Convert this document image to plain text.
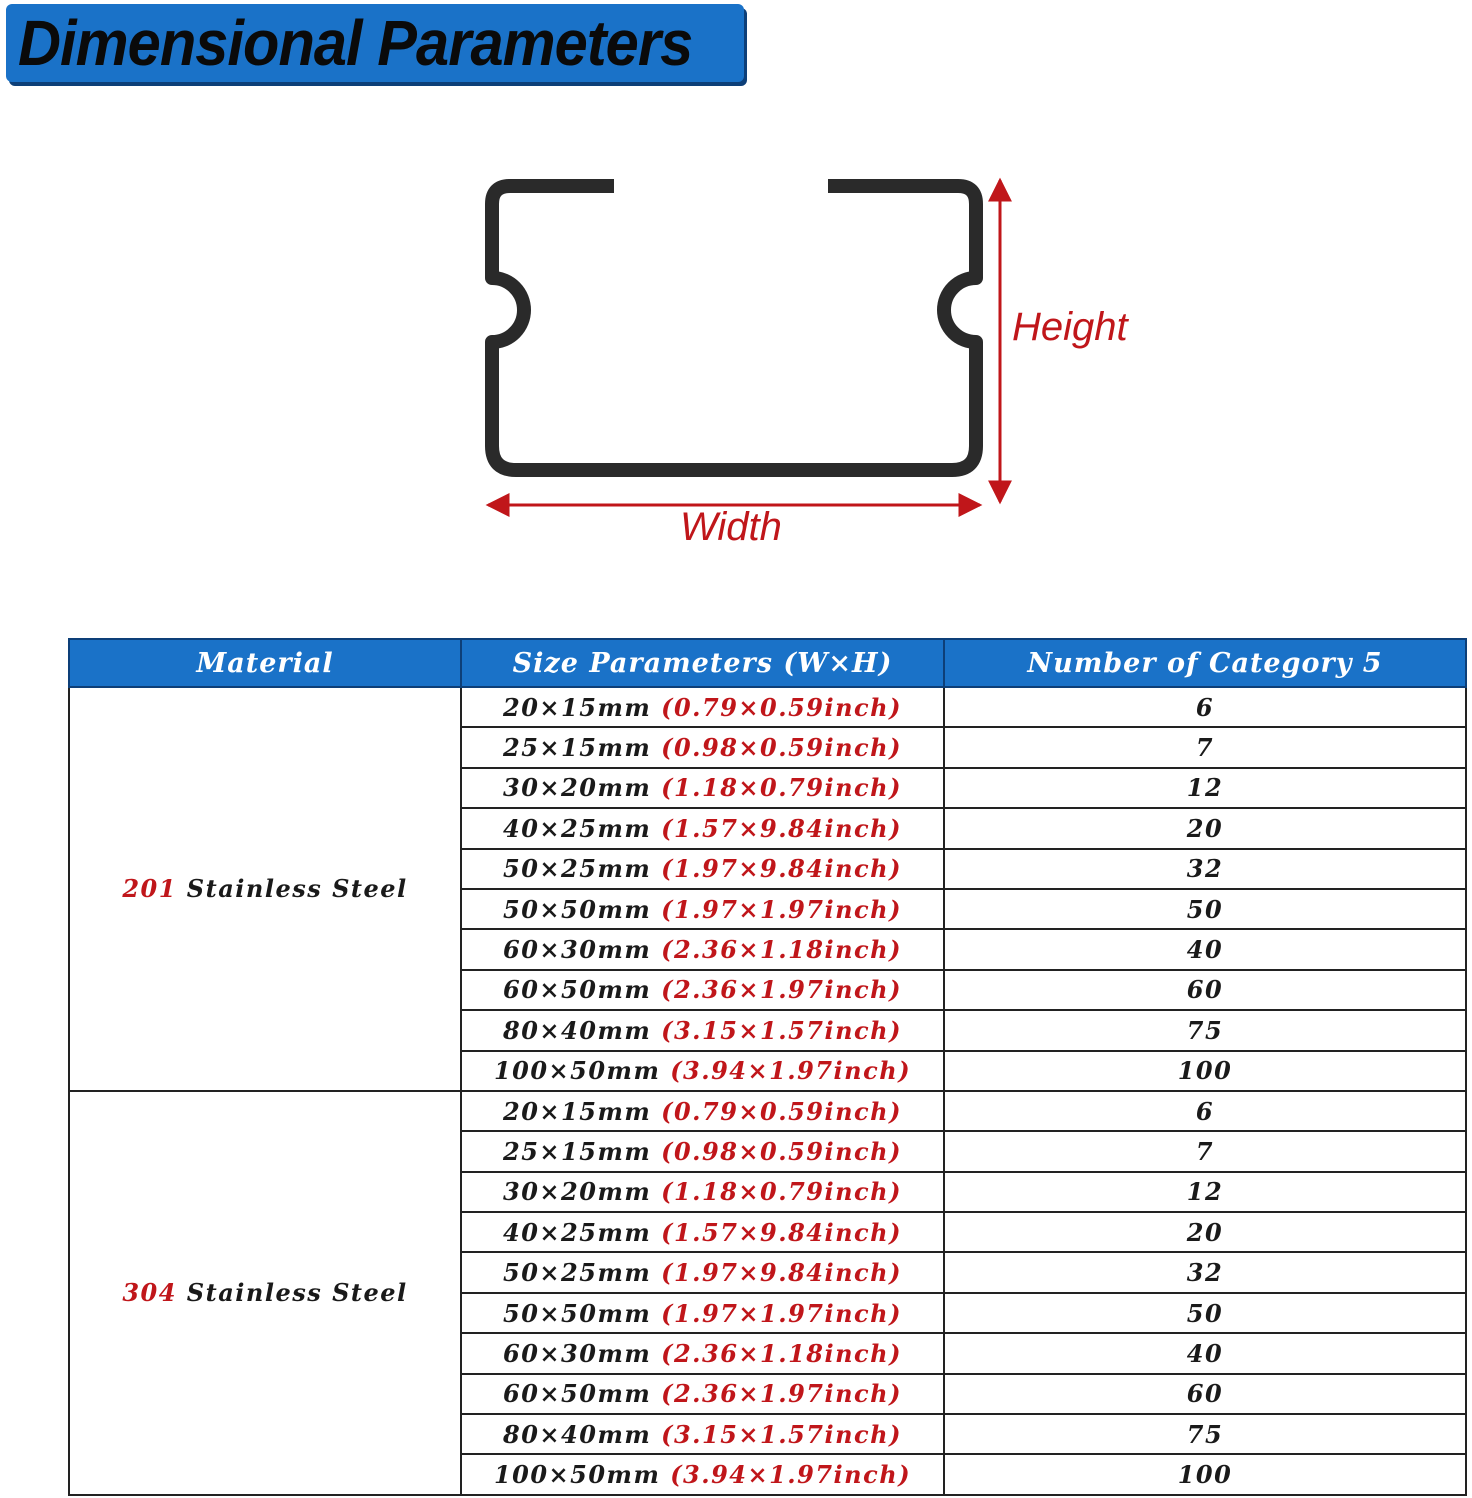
Dimensional Parameters
Height
Width
Material	Size Parameters (W×H)	Number of Category 5
201 Stainless Steel	20×15mm (0.79×0.59inch)	6
	25×15mm (0.98×0.59inch)	7
	30×20mm (1.18×0.79inch)	12
	40×25mm (1.57×9.84inch)	20
	50×25mm (1.97×9.84inch)	32
	50×50mm (1.97×1.97inch)	50
	60×30mm (2.36×1.18inch)	40
	60×50mm (2.36×1.97inch)	60
	80×40mm (3.15×1.57inch)	75
	100×50mm (3.94×1.97inch)	100
304 Stainless Steel	20×15mm (0.79×0.59inch)	6
	25×15mm (0.98×0.59inch)	7
	30×20mm (1.18×0.79inch)	12
	40×25mm (1.57×9.84inch)	20
	50×25mm (1.97×9.84inch)	32
	50×50mm (1.97×1.97inch)	50
	60×30mm (2.36×1.18inch)	40
	60×50mm (2.36×1.97inch)	60
	80×40mm (3.15×1.57inch)	75
	100×50mm (3.94×1.97inch)	100
